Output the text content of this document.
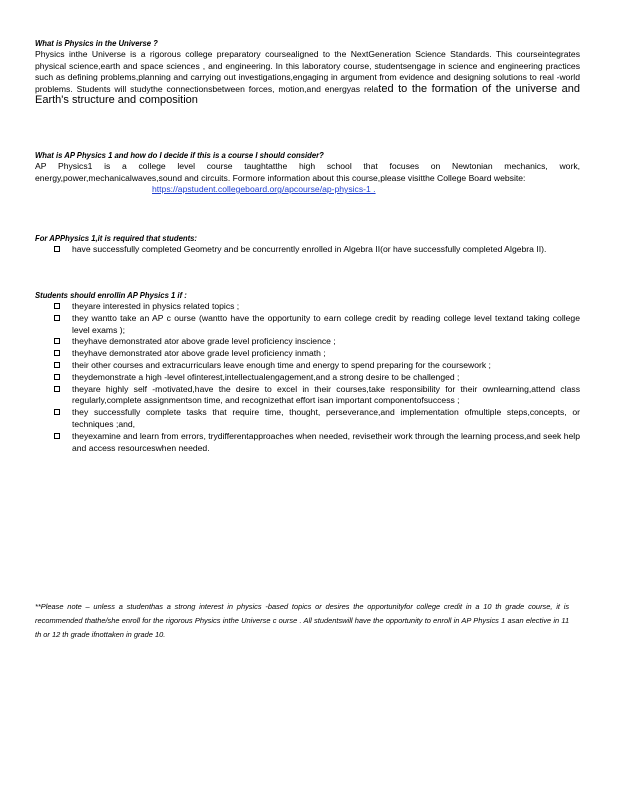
What is Physics in the Universe ?

Physics inthe Universe is a rigorous college preparatory coursealigned to the NextGeneration Science Standards. This courseintegrates physical science,earth and space sciences , and engineering. In this laboratory course, studentsengage in science and engineering practices such as defining problems,planning and carrying out investigations,engaging in argument from evidence and designing solutions to real -world problems. Students will studythe connectionsbetween forces, motion,and energyas related to the formation of the universe and Earth's structure and composition

What is AP Physics 1 and how do I decide if this is a course I should consider?

AP Physics1 is a college level course taughtatthe high school that focuses on Newtonian mechanics, work, energy,power,mechanicalwaves,sound and circuits. Formore information about this course,please visitthe College Board website:

https://apstudent.collegeboard.org/apcourse/ap-physics-1 .

For APPhysics 1,it is required that students:

have successfully completed Geometry and be concurrently enrolled in Algebra II(or have successfully completed Algebra II).

Students should enrollin AP Physics 1 if :

theyare interested in physics related topics ;
they wantto take an AP c ourse (wantto have the opportunity to earn college credit by reading college level textand taking college level exams );
theyhave demonstrated ator above grade level proficiency inscience ;
theyhave demonstrated ator above grade level proficiency inmath ;
their other courses and extracurriculars leave enough time and energy to spend preparing for the coursework ;
theydemonstrate a high -level ofinterest,intellectualengagement,and a strong desire to be challenged ;
theyare highly self -motivated,have the desire to excel in their courses,take responsibility for their ownlearning,attend class regularly,complete assignmentson time, and recognizethat effort isan important componentofsuccess ;
they successfully complete tasks that require time, thought, perseverance,and implementation ofmultiple steps,concepts, or techniques ;and,
theyexamine and learn from errors, trydifferentapproaches when needed, revisetheir work through the learning process,and seek help and access resourceswhen needed.

**Please note – unless a studenthas a strong interest in physics -based topics or desires the opportunityfor college credit in a 10 th grade course, it is recommended thathe/she enroll for the rigorous Physics inthe Universe c ourse . All studentswill have the opportunity to enroll in AP Physics 1 asan elective in 11 th or 12 th grade ifnottaken in grade 10.
